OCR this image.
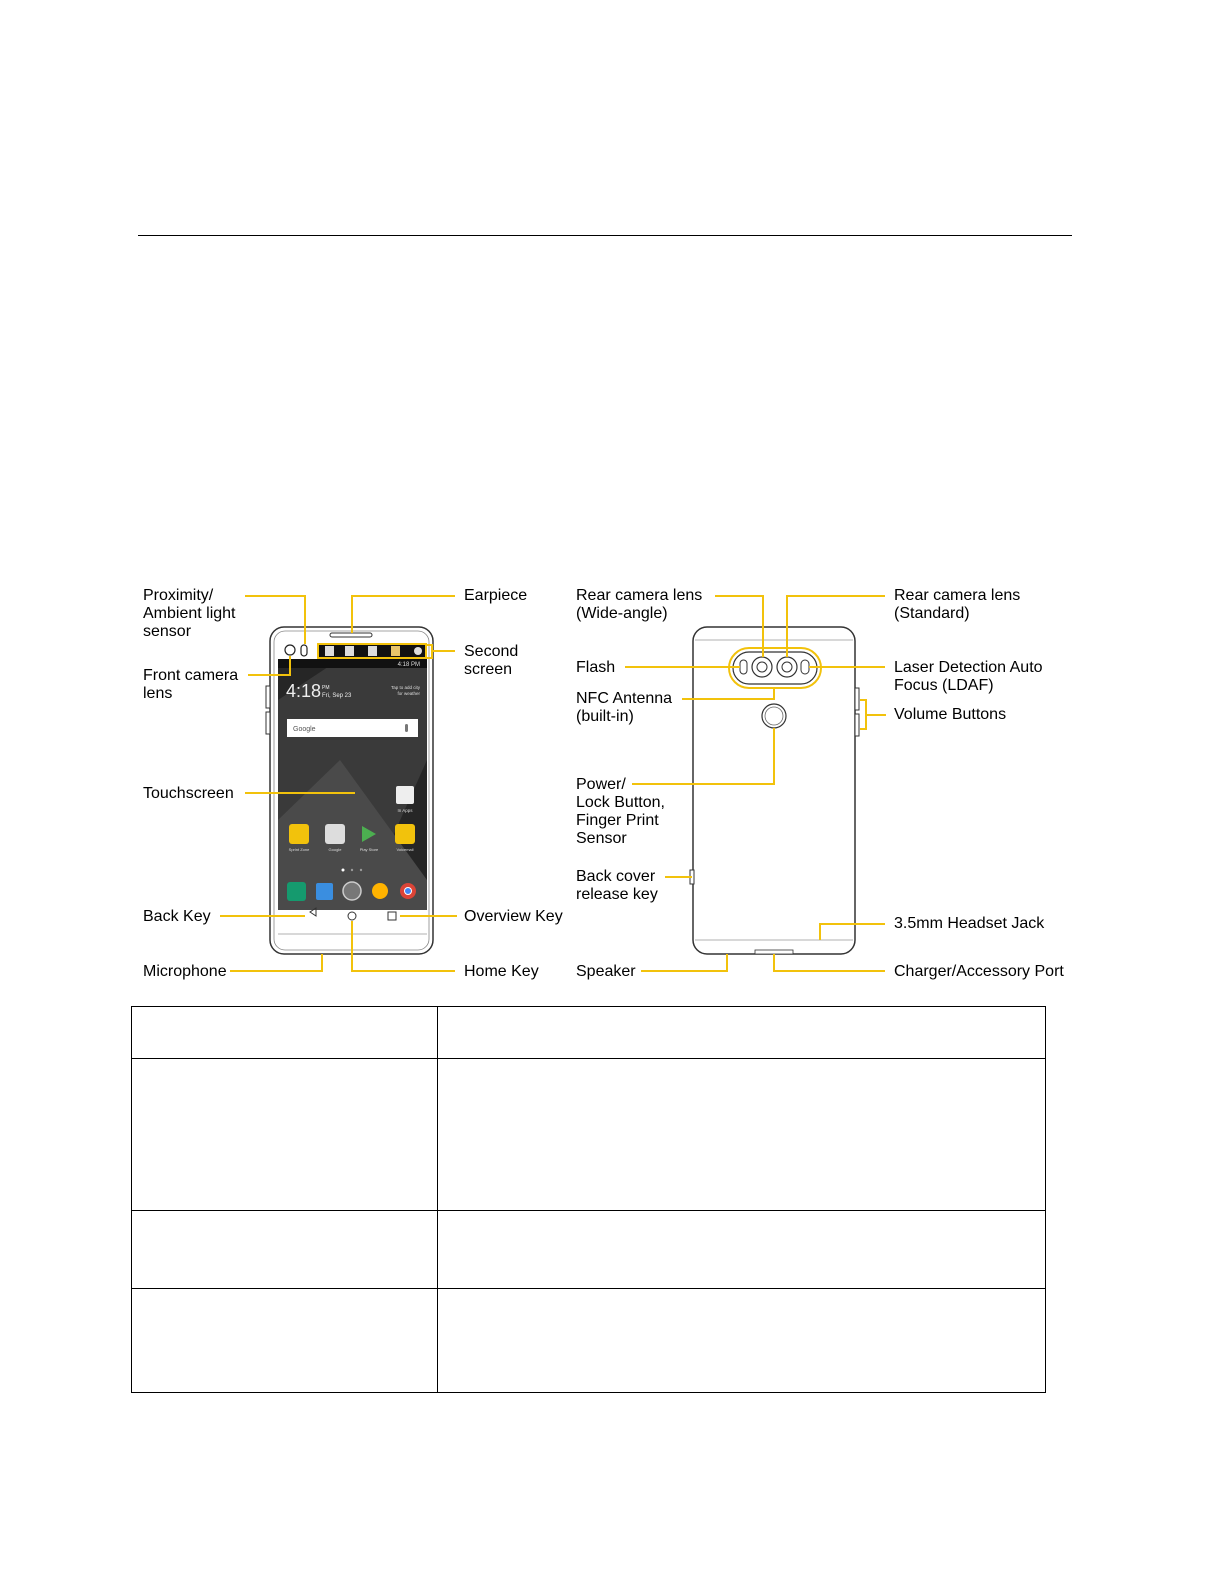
4:18 PM
4:18 PM
Fri, Sep 23
Tap to add city
for weather
Google
In Apps
Sprint Zone	Google	Play Store	Voicemail
Proximity/
Ambient light
sensor
Earpiece
Front camera
lens
Second
screen
Touchscreen
Back Key	Overview Key
Microphone	Home Key
Rear camera lens
(Wide-angle)
Rear camera lens
(Standard)
Flash	Laser Detection Auto
Focus (LDAF)
NFC Antenna
(built-in)	Volume Buttons
Power/
Lock Button,
Finger Print
Sensor
Back cover
release key
3.5mm Headset Jack
Speaker	Charger/Accessory Port
